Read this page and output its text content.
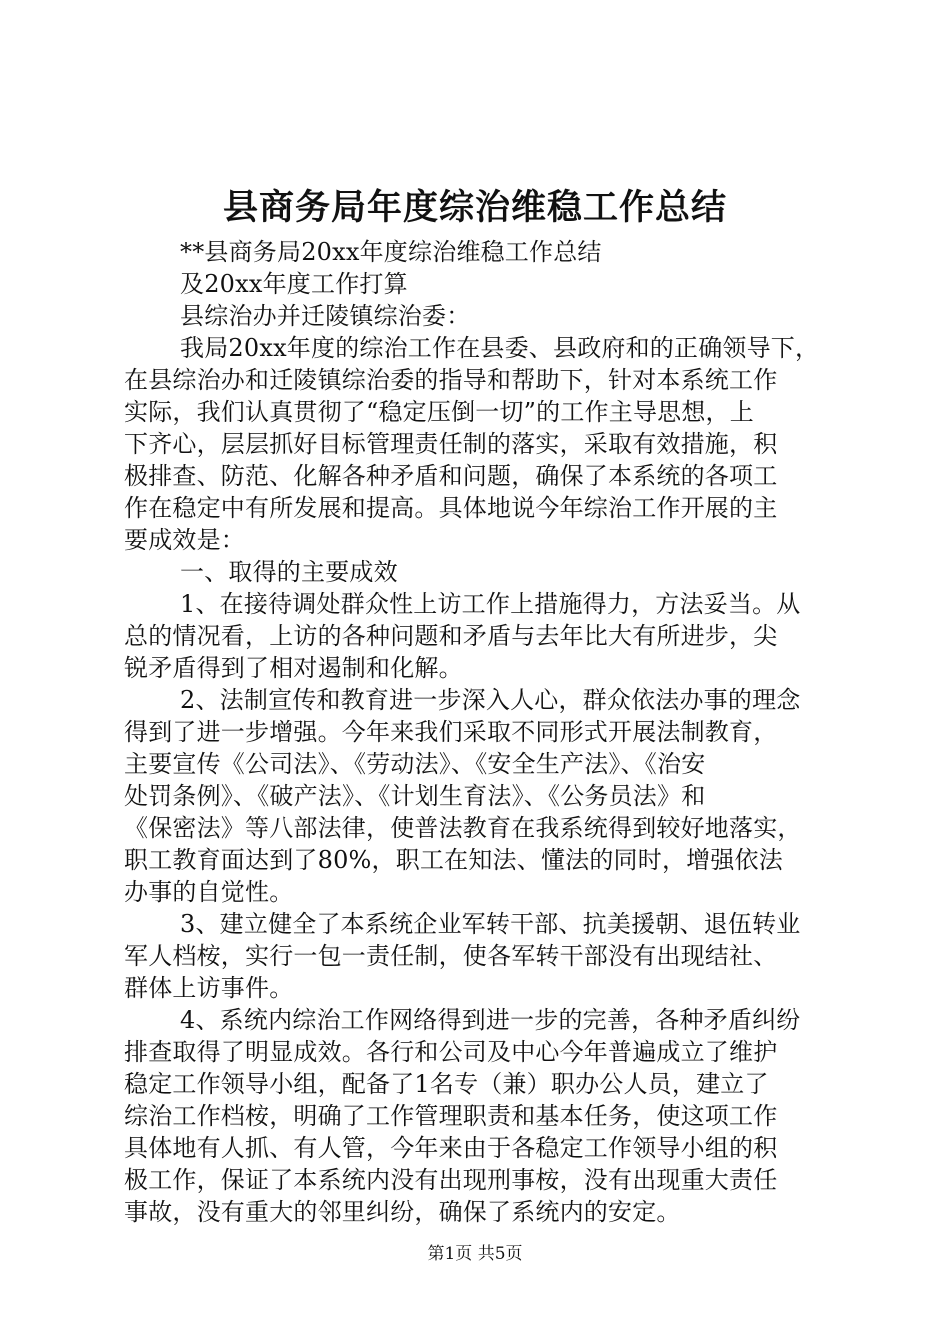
县商务局年度综治维稳工作总结

**县商务局20xx年度综治维稳工作总结

及20xx年度工作打算

县综治办并迁陵镇综治委：

我局20xx年度的综治工作在县委、县政府和的正确领导下，

在县综治办和迁陵镇综治委的指导和帮助下，针对本系统工作

实际，我们认真贯彻了“稳定压倒一切”的工作主导思想，上

下齐心，层层抓好目标管理责任制的落实，采取有效措施，积

极排查、防范、化解各种矛盾和问题，确保了本系统的各项工

作在稳定中有所发展和提高。具体地说今年综治工作开展的主

要成效是：

一、取得的主要成效

1、在接待调处群众性上访工作上措施得力，方法妥当。从

总的情况看，上访的各种问题和矛盾与去年比大有所进步，尖

锐矛盾得到了相对遏制和化解。

2、法制宣传和教育进一步深入人心，群众依法办事的理念

得到了进一步增强。今年来我们采取不同形式开展法制教育，

主要宣传《公司法》、《劳动法》、《安全生产法》、《治安

处罚条例》、《破产法》、《计划生育法》、《公务员法》和

《保密法》等八部法律，使普法教育在我系统得到较好地落实，

职工教育面达到了80%，职工在知法、懂法的同时，增强依法

办事的自觉性。

3、建立健全了本系统企业军转干部、抗美援朝、退伍转业

军人档桉，实行一包一责任制，使各军转干部没有出现结社、

群体上访事件。

4、系统内综治工作网络得到进一步的完善，各种矛盾纠纷

排查取得了明显成效。各行和公司及中心今年普遍成立了维护

稳定工作领导小组，配备了1名专（兼）职办公人员，建立了

综治工作档桉，明确了工作管理职责和基本任务，使这项工作

具体地有人抓、有人管，今年来由于各稳定工作领导小组的积

极工作，保证了本系统内没有出现刑事桉，没有出现重大责任

事故，没有重大的邻里纠纷，确保了系统内的安定。

第1页 共5页
